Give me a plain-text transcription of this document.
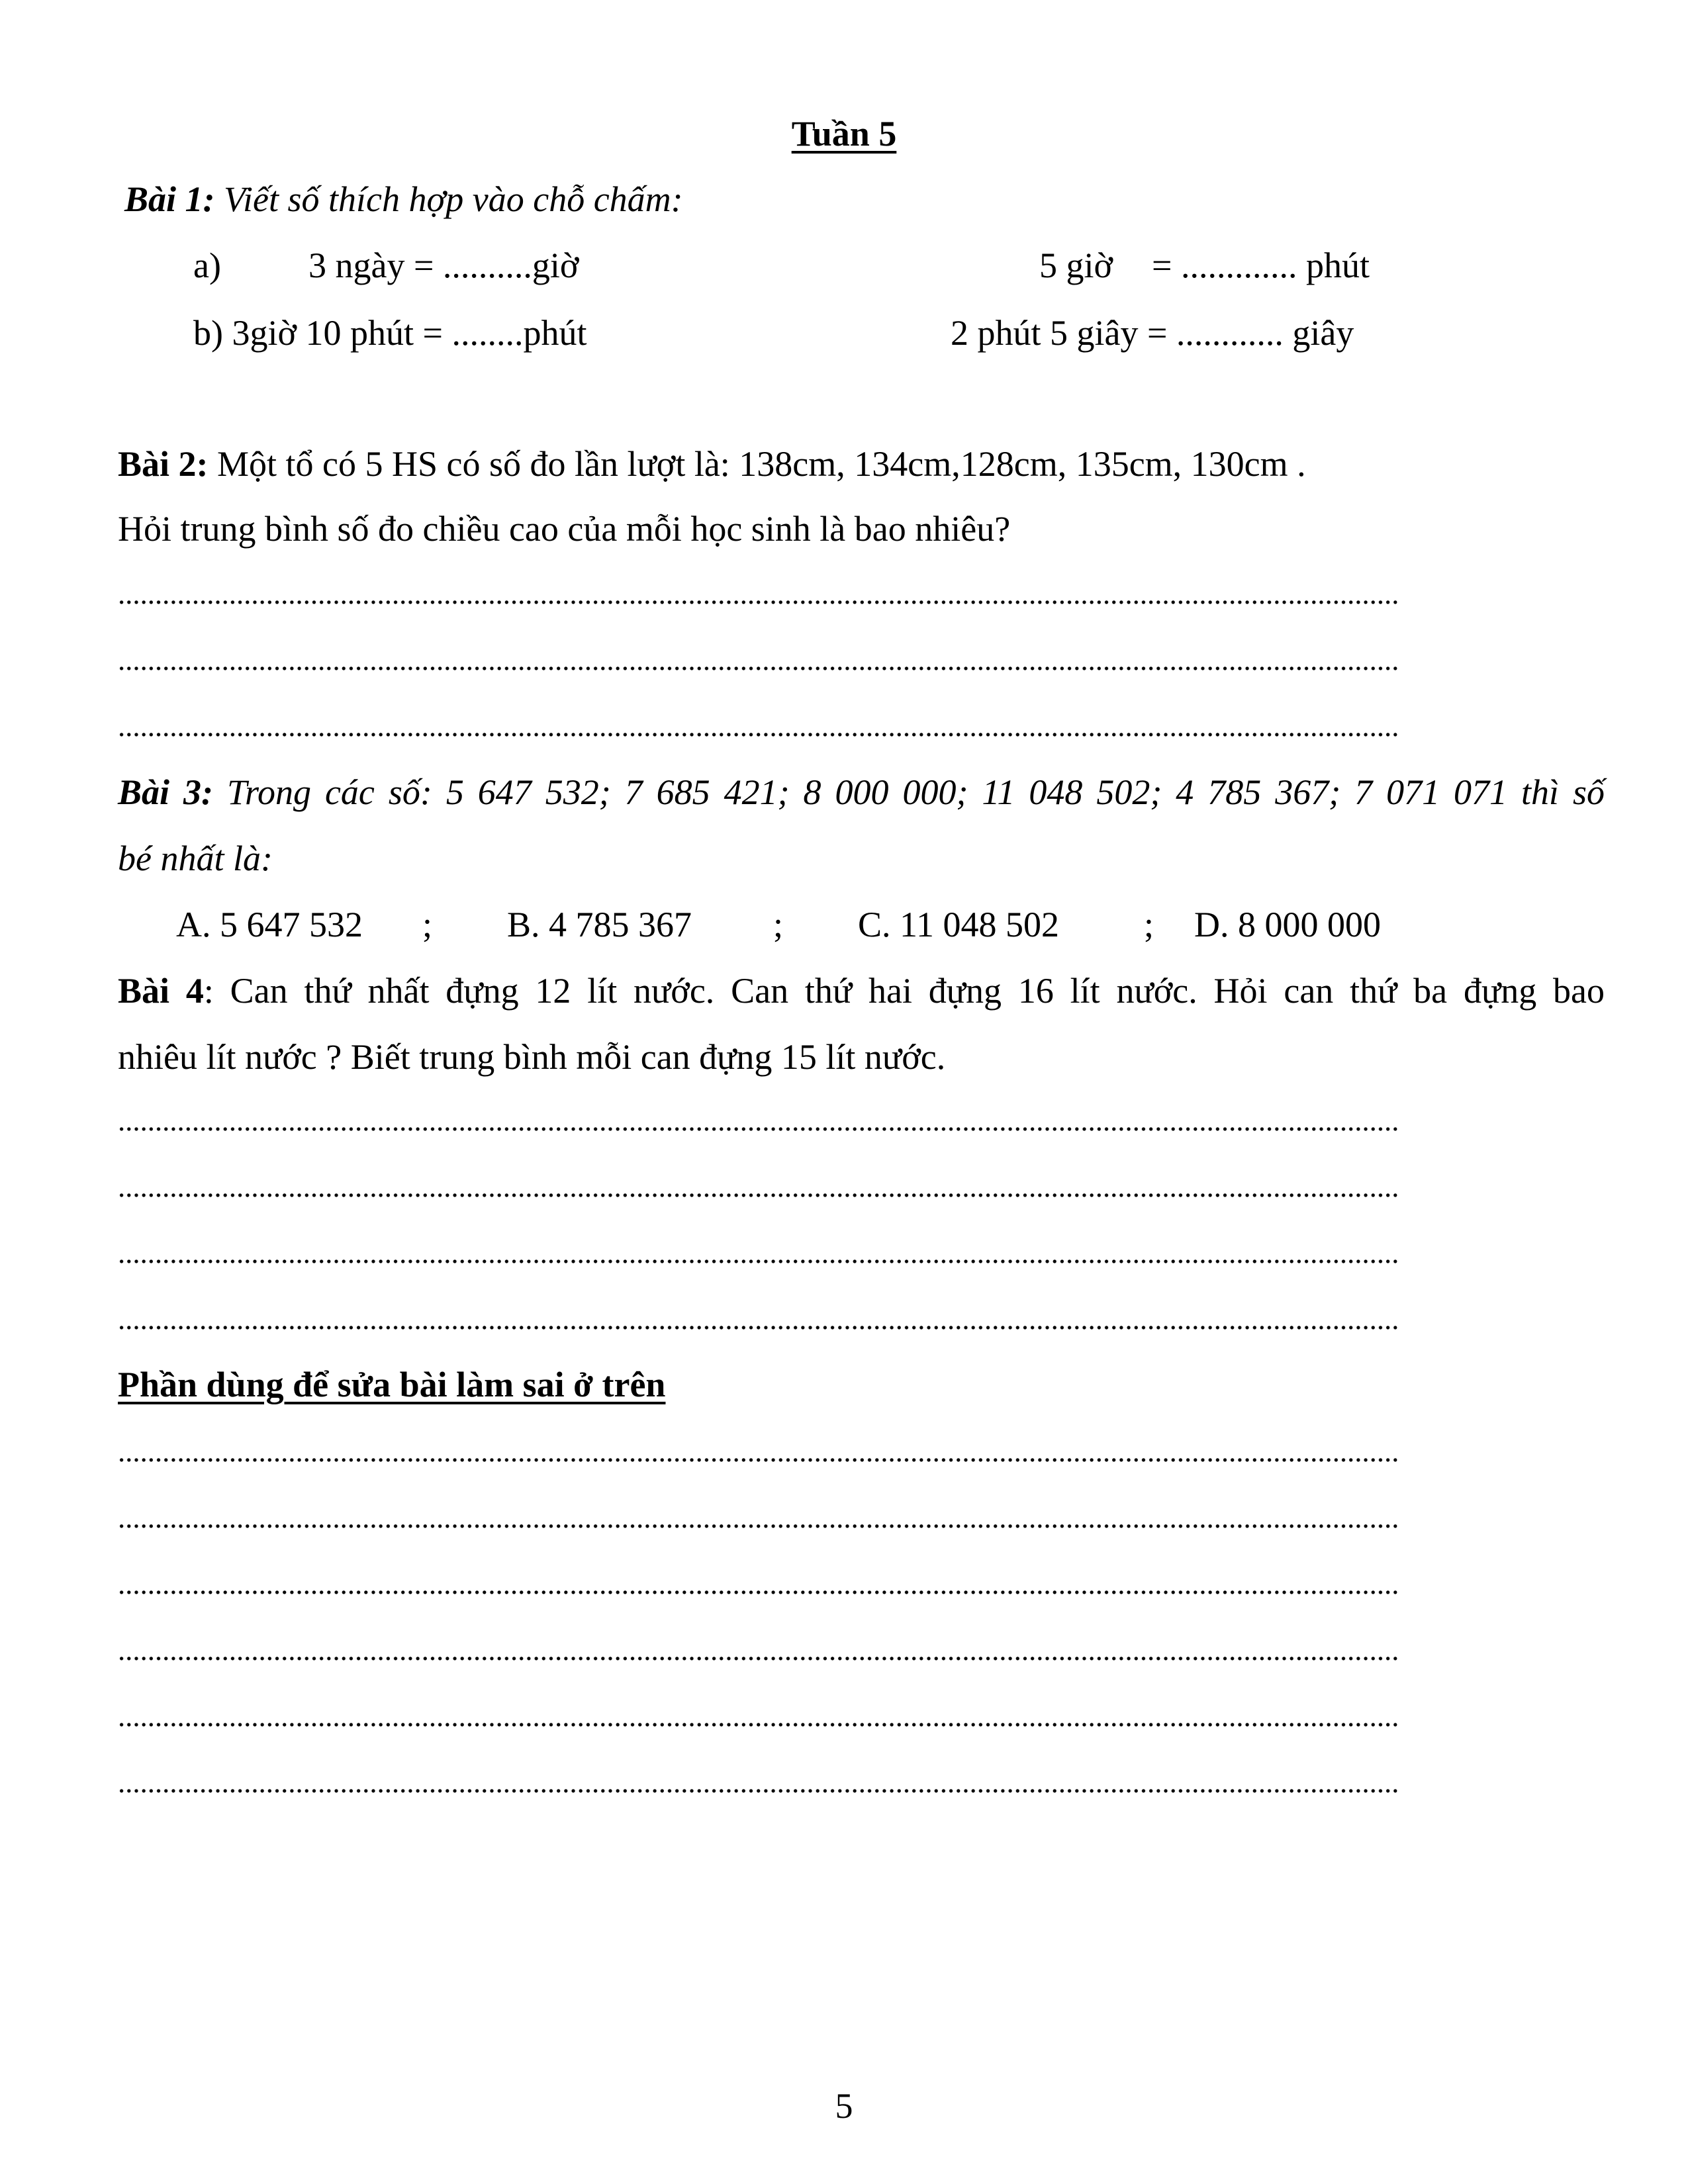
Tuần 5
Bài 1: Viết số thích hợp vào chỗ chấm:
a) 3 ngày = ..........giờ	5 giờ = ............. phút
b) 3giờ 10 phút = ........phút	2 phút 5 giây = ............ giây
Bài 2: Một tổ có 5 HS có số đo lần lượt là: 138cm, 134cm,128cm, 135cm, 130cm .
Hỏi trung bình số đo chiều cao của mỗi học sinh là bao nhiêu?
Bài 3: Trong các số: 5 647 532; 7 685 421; 8 000 000; 11 048 502; 4 785 367; 7 071 071 thì số
bé nhất là:
A. 5 647 532 ; B. 4 785 367 ; C. 11 048 502 ; D. 8 000 000
Bài 4: Can thứ nhất đựng 12 lít nước. Can thứ hai đựng 16 lít nước. Hỏi can thứ ba đựng bao
nhiêu lít nước ? Biết trung bình mỗi can đựng 15 lít nước.
Phần dùng để sửa bài làm sai ở trên
5
